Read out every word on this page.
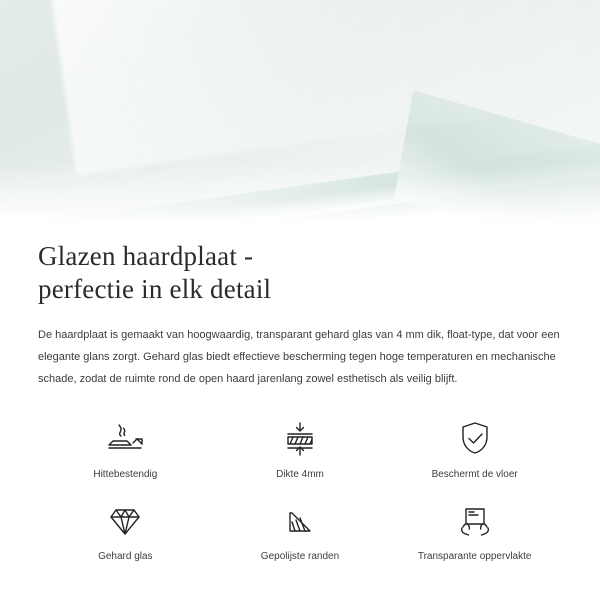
Glazen haardplaat -
perfectie in elk detail

De haardplaat is gemaakt van hoogwaardig, transparant gehard glas van 4 mm dik, float-type, dat voor een elegante glans zorgt. Gehard glas biedt effectieve bescherming tegen hoge temperaturen en mechanische schade, zodat de ruimte rond de open haard jarenlang zowel esthetisch als veilig blijft.

Hittebestendig	Dikte 4mm	Beschermt de vloer
Gehard glas	Gepolijste randen	Transparante oppervlakte
